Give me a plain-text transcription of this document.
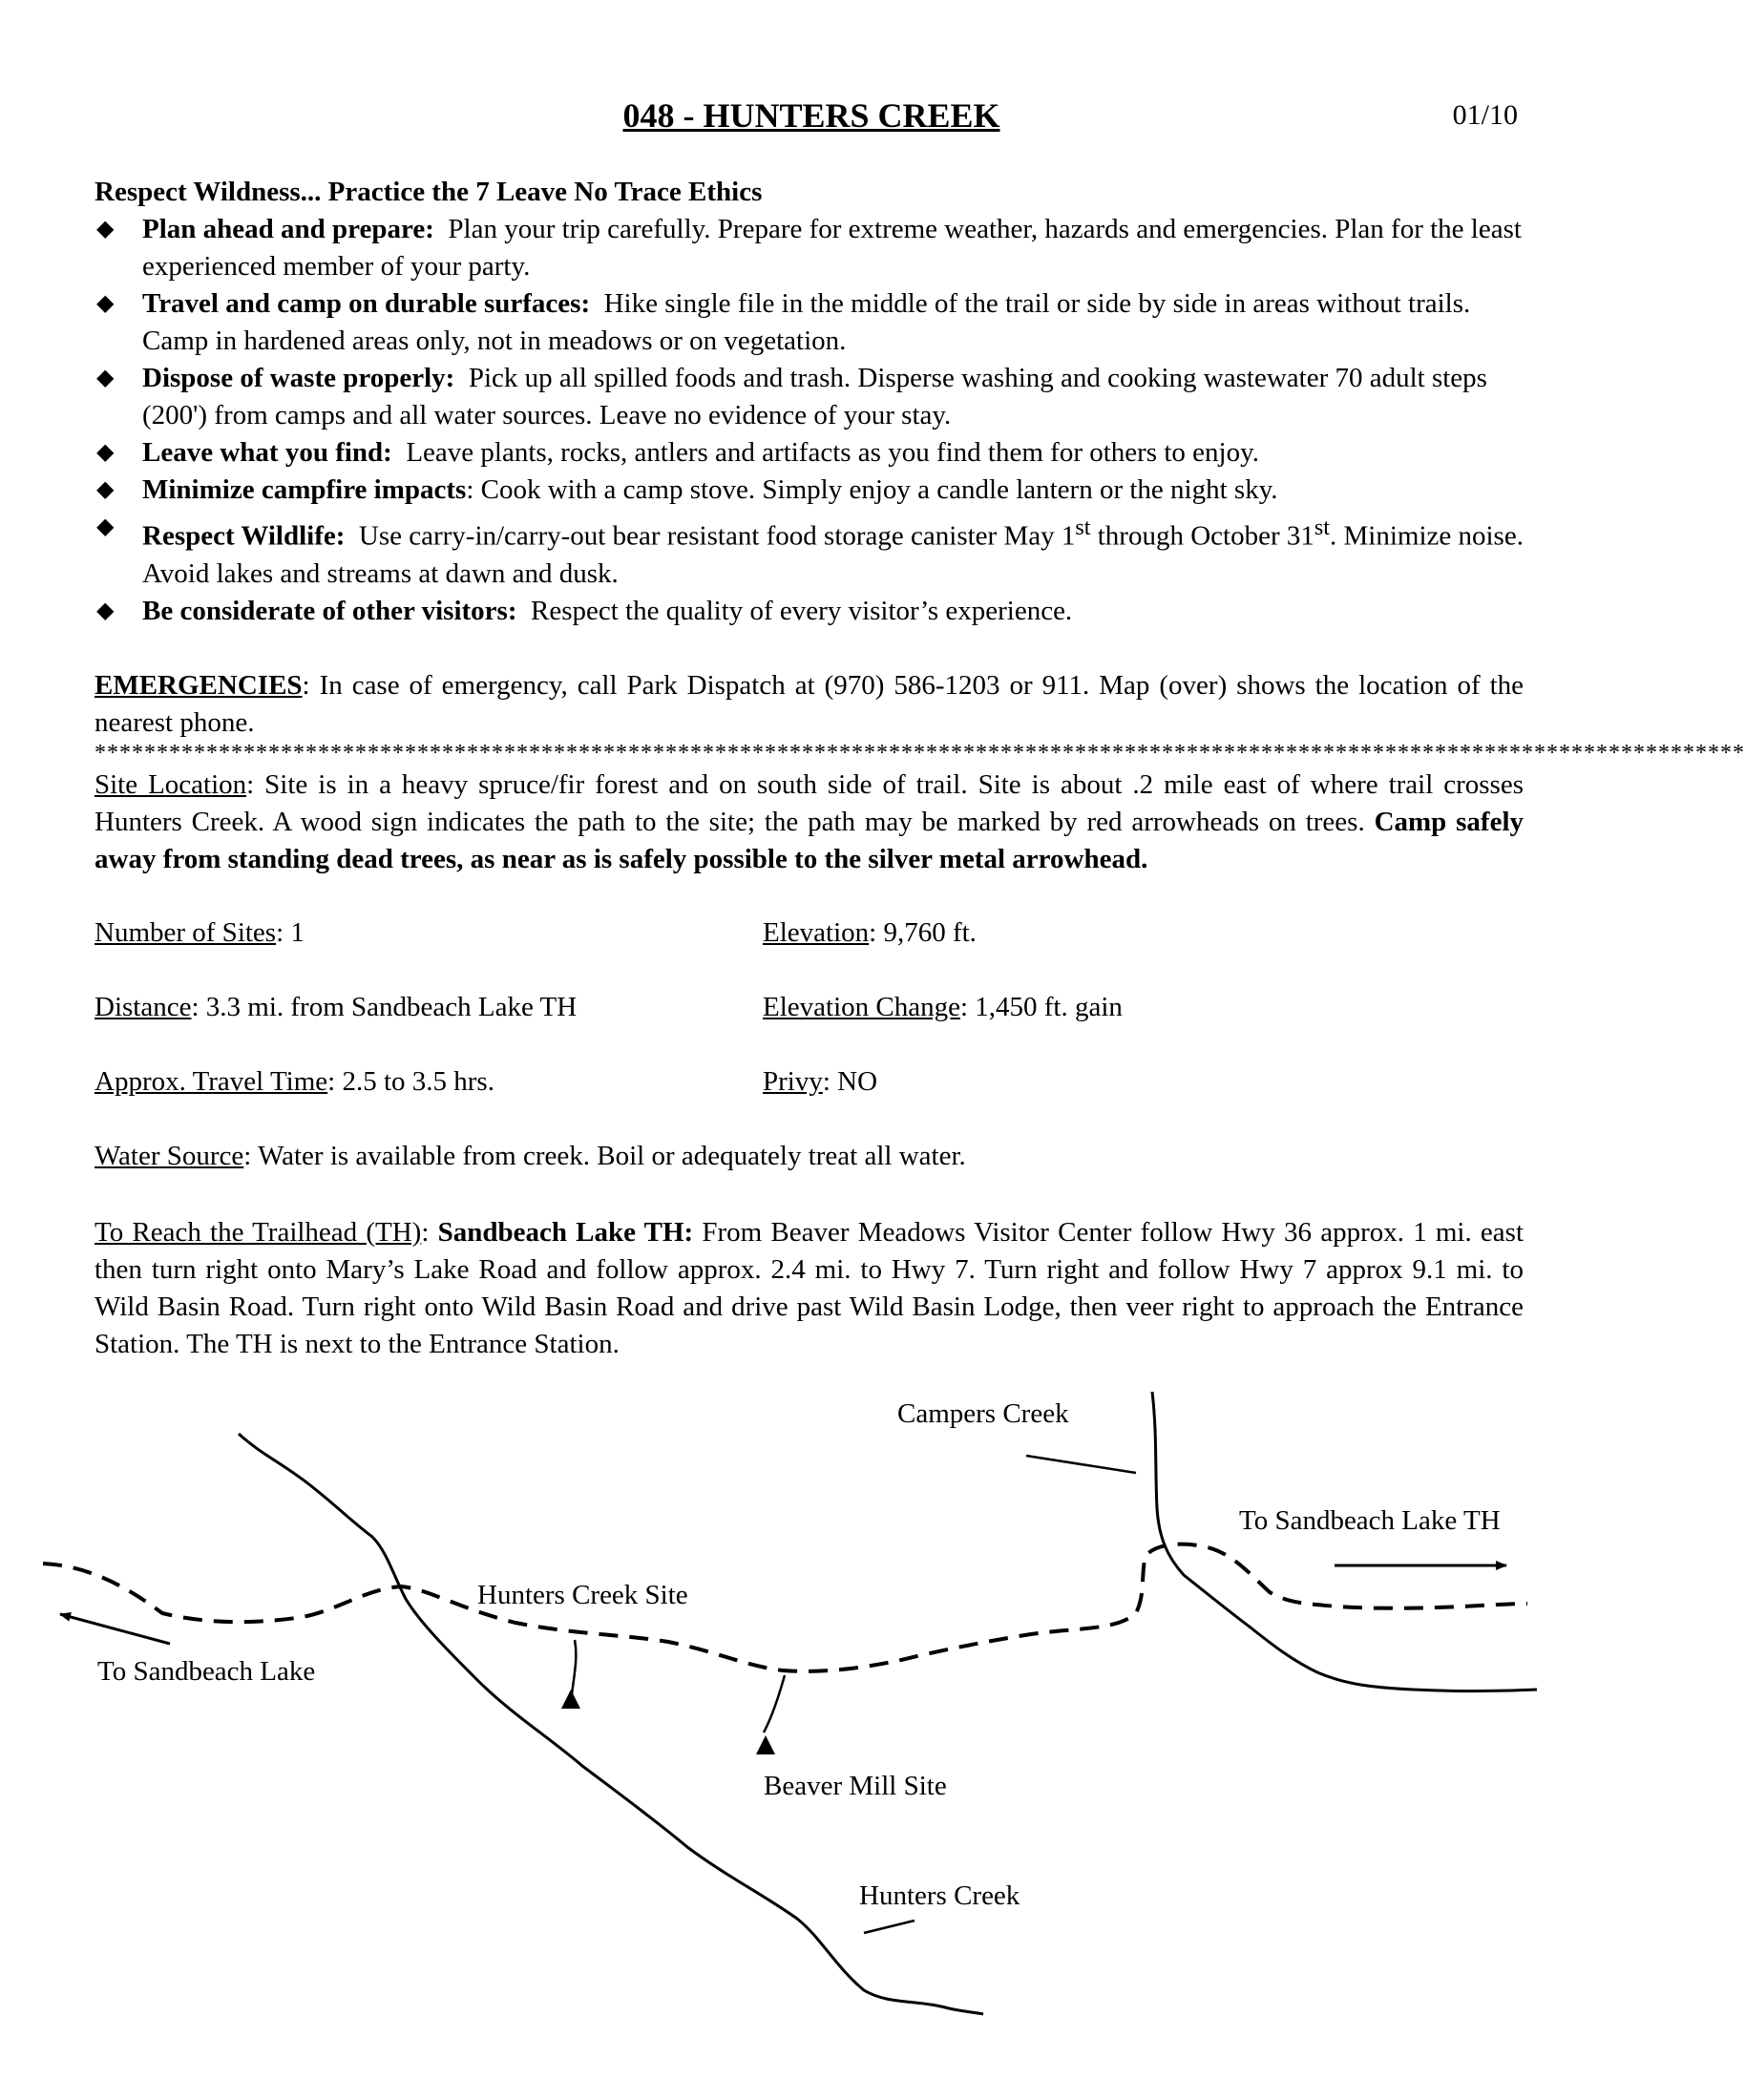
048 - HUNTERS CREEK	01/10

Respect Wildness... Practice the 7 Leave No Trace Ethics

◆ Plan ahead and prepare: Plan your trip carefully. Prepare for extreme weather, hazards and emergencies. Plan for the least experienced member of your party.
◆ Travel and camp on durable surfaces: Hike single file in the middle of the trail or side by side in areas without trails. Camp in hardened areas only, not in meadows or on vegetation.
◆ Dispose of waste properly: Pick up all spilled foods and trash. Disperse washing and cooking wastewater 70 adult steps (200') from camps and all water sources. Leave no evidence of your stay.
◆ Leave what you find: Leave plants, rocks, antlers and artifacts as you find them for others to enjoy.
◆ Minimize campfire impacts: Cook with a camp stove. Simply enjoy a candle lantern or the night sky.
◆ Respect Wildlife: Use carry-in/carry-out bear resistant food storage canister May 1st through October 31st. Minimize noise. Avoid lakes and streams at dawn and dusk.
◆ Be considerate of other visitors: Respect the quality of every visitor’s experience.

EMERGENCIES: In case of emergency, call Park Dispatch at (970) 586-1203 or 911. Map (over) shows the location of the nearest phone.

*************************************************************************************************************************************

Site Location: Site is in a heavy spruce/fir forest and on south side of trail. Site is about .2 mile east of where trail crosses Hunters Creek. A wood sign indicates the path to the site; the path may be marked by red arrowheads on trees. Camp safely away from standing dead trees, as near as is safely possible to the silver metal arrowhead.

Number of Sites: 1	Elevation: 9,760 ft.
Distance: 3.3 mi. from Sandbeach Lake TH	Elevation Change: 1,450 ft. gain
Approx. Travel Time: 2.5 to 3.5 hrs.	Privy: NO
Water Source: Water is available from creek. Boil or adequately treat all water.

To Reach the Trailhead (TH): Sandbeach Lake TH: From Beaver Meadows Visitor Center follow Hwy 36 approx. 1 mi. east then turn right onto Mary’s Lake Road and follow approx. 2.4 mi. to Hwy 7. Turn right and follow Hwy 7 approx 9.1 mi. to Wild Basin Road. Turn right onto Wild Basin Road and drive past Wild Basin Lodge, then veer right to approach the Entrance Station. The TH is next to the Entrance Station.

Campers Creek
To Sandbeach Lake TH
Hunters Creek Site
To Sandbeach Lake
Beaver Mill Site
Hunters Creek
